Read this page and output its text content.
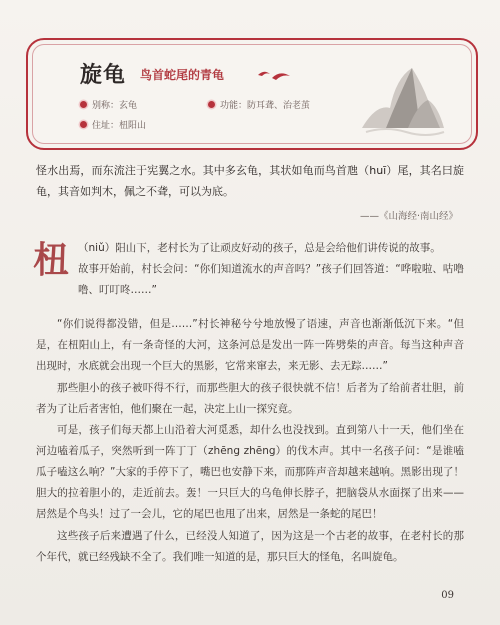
旋龟 鸟首蛇尾的青龟
别称：玄龟	功能：防耳聋、治老茧
住址：杻阳山

怪水出焉，而东流注于宪翼之水。其中多玄龟，其状如龟而鸟首虺（huī）尾，其名曰旋龟，其音如判木，佩之不聋，可以为底。

——《山海经·南山经》
杻 （niǔ）阳山下，老村长为了让顽皮好动的孩子，总是会给他们讲传说的故事。

故事开始前，村长会问：“你们知道流水的声音吗？”孩子们回答道：“哗啦啦、咕噜噜、叮叮咚……”

“你们说得都没错，但是……”村长神秘兮兮地放慢了语速，声音也渐渐低沉下来。“但是，在杻阳山上，有一条奇怪的大河，这条河总是发出一阵一阵劈柴的声音。每当这种声音出现时，水底就会出现一个巨大的黑影，它常来窜去，来无影、去无踪……”

那些胆小的孩子被吓得不行，而那些胆大的孩子很快就不信！后者为了给前者壮胆，前者为了让后者害怕，他们聚在一起，决定上山一探究竟。

可是，孩子们每天都上山沿着大河觅悉，却什么也没找到。直到第八十一天，他们坐在河边嗑着瓜子，突然听到一阵丁丁（zhēng zhēng）的伐木声。其中一名孩子问：“是谁嗑瓜子嗑这么响？”大家的手停下了，嘴巴也安静下来，而那阵声音却越来越响。黑影出现了！胆大的拉着胆小的，走近前去。轰！一只巨大的乌龟伸长脖子，把脑袋从水面探了出来——居然是个鸟头！过了一会儿，它的尾巴也甩了出来，居然是一条蛇的尾巴！

这些孩子后来遭遇了什么，已经没人知道了，因为这是一个古老的故事，在老村长的那个年代，就已经残缺不全了。我们唯一知道的是，那只巨大的怪龟，名叫旋龟。

09
